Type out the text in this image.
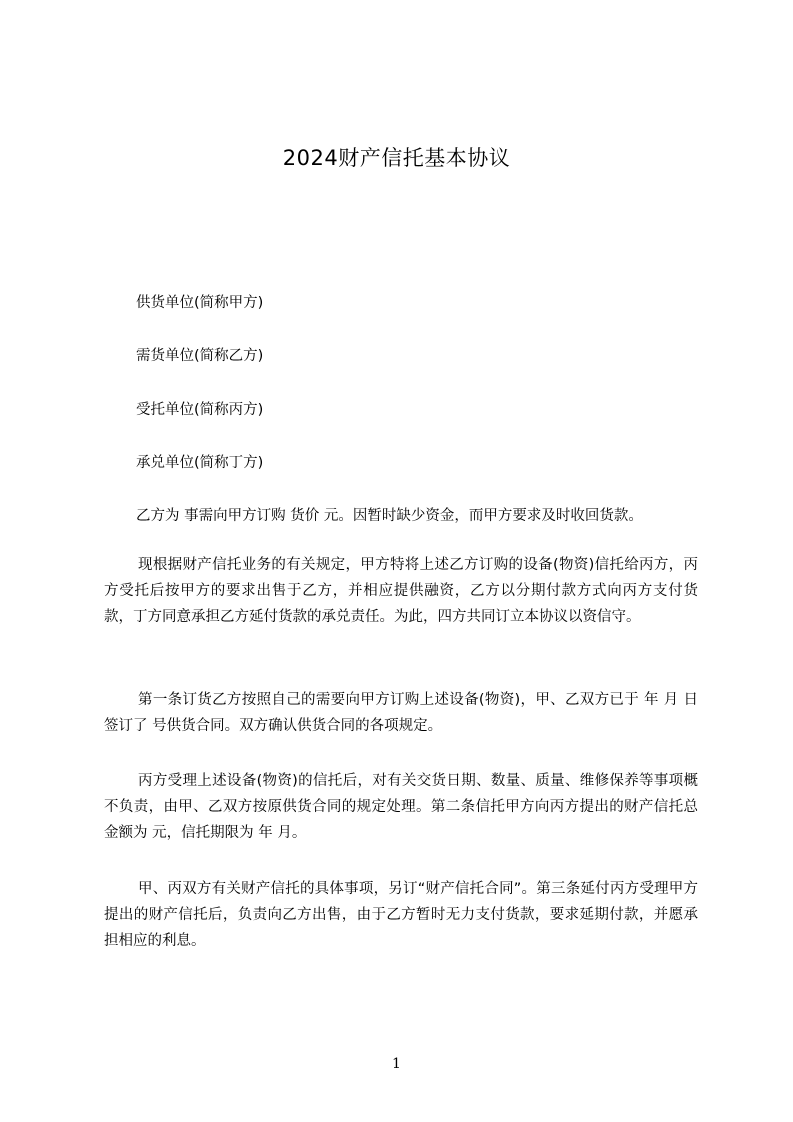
2024财产信托基本协议
供货单位(简称甲方)
需货单位(简称乙方)
受托单位(简称丙方)
承兑单位(简称丁方)
乙方为 事需向甲方订购 货价 元。因暂时缺少资金，而甲方要求及时收回货款。

现根据财产信托业务的有关规定，甲方特将上述乙方订购的设备(物资)信托给丙方，丙方受托后按甲方的要求出售于乙方，并相应提供融资，乙方以分期付款方式向丙方支付货款，丁方同意承担乙方延付货款的承兑责任。为此，四方共同订立本协议以资信守。

第一条订货乙方按照自己的需要向甲方订购上述设备(物资)，甲、乙双方已于 年 月 日签订了 号供货合同。双方确认供货合同的各项规定。

丙方受理上述设备(物资)的信托后，对有关交货日期、数量、质量、维修保养等事项概不负责，由甲、乙双方按原供货合同的规定处理。第二条信托甲方向丙方提出的财产信托总金额为 元，信托期限为 年 月。

甲、丙双方有关财产信托的具体事项，另订“财产信托合同”。第三条延付丙方受理甲方提出的财产信托后，负责向乙方出售，由于乙方暂时无力支付货款，要求延期付款，并愿承担相应的利息。

1
